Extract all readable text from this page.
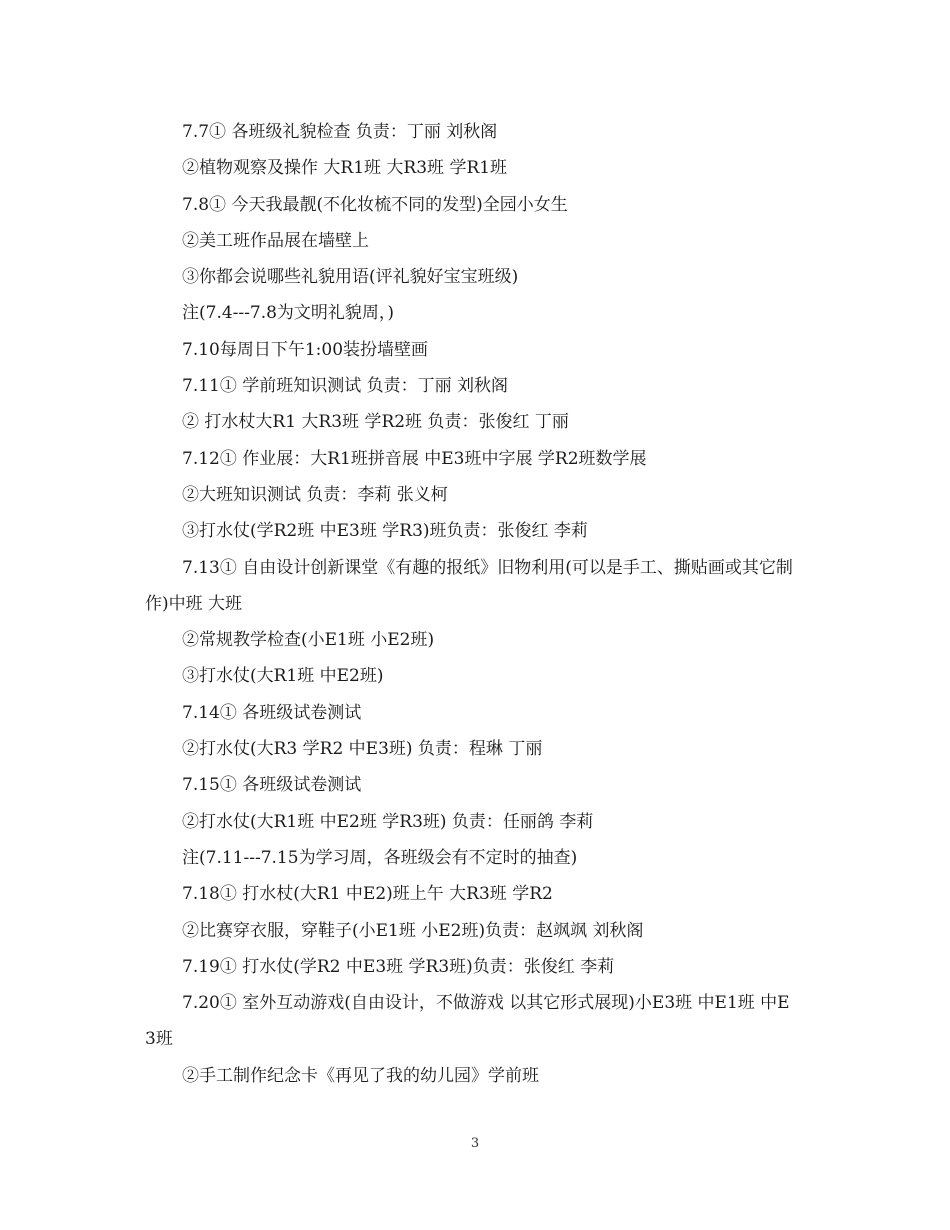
7.7① 各班级礼貌检查 负责：丁丽 刘秋阁

②植物观察及操作 大R1班 大R3班 学R1班

7.8① 今天我最靓(不化妆梳不同的发型)全园小女生

②美工班作品展在墙壁上

③你都会说哪些礼貌用语(评礼貌好宝宝班级)

注(7.4---7.8为文明礼貌周，)

7.10每周日下午1:00装扮墙壁画

7.11① 学前班知识测试 负责：丁丽 刘秋阁

② 打水杖大R1 大R3班 学R2班 负责：张俊红 丁丽

7.12① 作业展：大R1班拼音展 中E3班中字展 学R2班数学展

②大班知识测试 负责：李莉 张义柯

③打水仗(学R2班 中E3班 学R3)班负责：张俊红 李莉

7.13① 自由设计创新课堂《有趣的报纸》旧物利用(可以是手工、撕贴画或其它制作)中班 大班

②常规教学检查(小E1班 小E2班)

③打水仗(大R1班 中E2班)

7.14① 各班级试卷测试

②打水仗(大R3 学R2 中E3班) 负责：程琳 丁丽

7.15① 各班级试卷测试

②打水仗(大R1班 中E2班 学R3班) 负责：任丽鸽 李莉

注(7.11---7.15为学习周，各班级会有不定时的抽查)

7.18① 打水杖(大R1 中E2)班上午 大R3班 学R2

②比赛穿衣服，穿鞋子(小E1班 小E2班)负责：赵飒飒 刘秋阁

7.19① 打水仗(学R2 中E3班 学R3班)负责：张俊红 李莉

7.20① 室外互动游戏(自由设计，不做游戏 以其它形式展现)小E3班 中E1班 中E3班

②手工制作纪念卡《再见了我的幼儿园》学前班

3
